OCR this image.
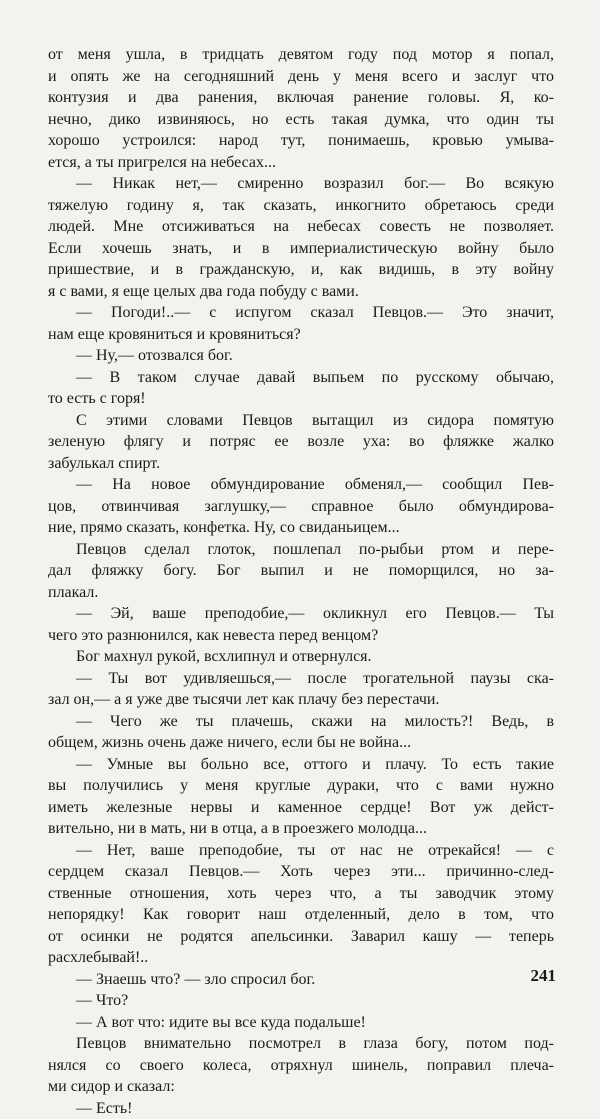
от меня ушла, в тридцать девятом году под мотор я попал,
и опять же на сегодняшний день у меня всего и заслуг что
контузия и два ранения, включая ранение головы. Я, ко-
нечно, дико извиняюсь, но есть такая думка, что один ты
хорошо устроился: народ тут, понимаешь, кровью умыва-
ется, а ты пригрелся на небесах...
— Никак нет,— смиренно возразил бог.— Во всякую
тяжелую годину я, так сказать, инкогнито обретаюсь среди
людей. Мне отсиживаться на небесах совесть не позволяет.
Если хочешь знать, и в империалистическую войну было
пришествие, и в гражданскую, и, как видишь, в эту войну
я с вами, я еще целых два года побуду с вами.
— Погоди!..— с испугом сказал Певцов.— Это значит,
нам еще кровяниться и кровяниться?
— Ну,— отозвался бог.
— В таком случае давай выпьем по русскому обычаю,
то есть с горя!
С этими словами Певцов вытащил из сидора помятую
зеленую флягу и потряс ее возле уха: во фляжке жалко
забулькал спирт.
— На новое обмундирование обменял,— сообщил Пев-
цов, отвинчивая заглушку,— справное было обмундирова-
ние, прямо сказать, конфетка. Ну, со свиданьицем...
Певцов сделал глоток, пошлепал по-рыбьи ртом и пере-
дал фляжку богу. Бог выпил и не поморщился, но за-
плакал.
— Эй, ваше преподобие,— окликнул его Певцов.— Ты
чего это разнюнился, как невеста перед венцом?
Бог махнул рукой, всхлипнул и отвернулся.
— Ты вот удивляешься,— после трогательной паузы ска-
зал он,— а я уже две тысячи лет как плачу без перестачи.
— Чего же ты плачешь, скажи на милость?! Ведь, в
общем, жизнь очень даже ничего, если бы не война...
— Умные вы больно все, оттого и плачу. То есть такие
вы получились у меня круглые дураки, что с вами нужно
иметь железные нервы и каменное сердце! Вот уж дейст-
вительно, ни в мать, ни в отца, а в проезжего молодца...
— Нет, ваше преподобие, ты от нас не отрекайся! — с
сердцем сказал Певцов.— Хоть через эти... причинно-след-
ственные отношения, хоть через что, а ты заводчик этому
непорядку! Как говорит наш отделенный, дело в том, что
от осинки не родятся апельсинки. Заварил кашу — теперь
расхлебывай!..
— Знаешь что? — зло спросил бог.
— Что?
— А вот что: идите вы все куда подальше!
Певцов внимательно посмотрел в глаза богу, потом под-
нялся со своего колеса, отряхнул шинель, поправил плеча-
ми сидор и сказал:
— Есть!
241
